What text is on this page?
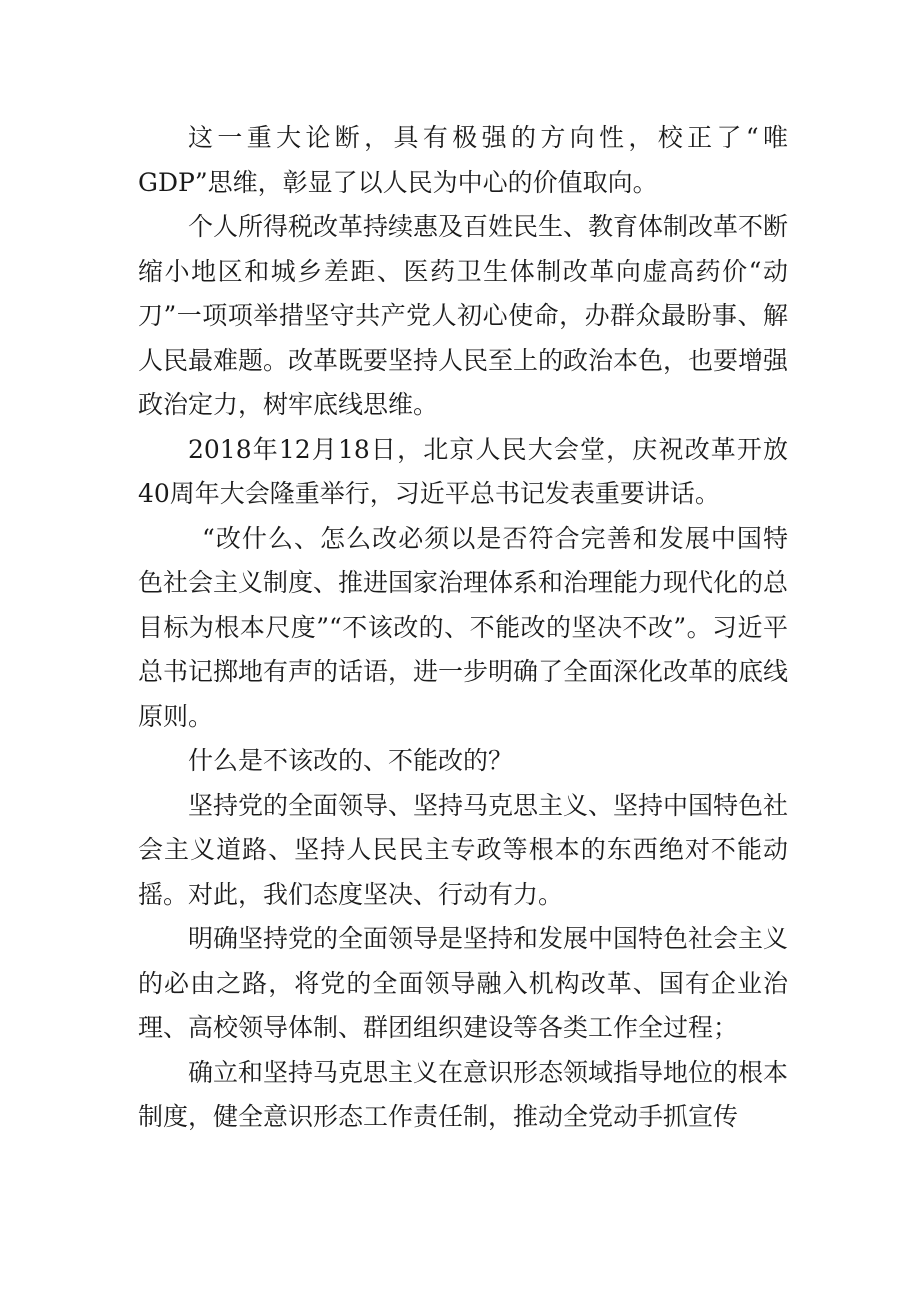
这一重大论断，具有极强的方向性，校正了“唯GDP”思维，彰显了以人民为中心的价值取向。

个人所得税改革持续惠及百姓民生、教育体制改革不断缩小地区和城乡差距、医药卫生体制改革向虚高药价“动刀”一项项举措坚守共产党人初心使命，办群众最盼事、解人民最难题。改革既要坚持人民至上的政治本色，也要增强政治定力，树牢底线思维。

2018年12月18日，北京人民大会堂，庆祝改革开放40周年大会隆重举行，习近平总书记发表重要讲话。

“改什么、怎么改必须以是否符合完善和发展中国特色社会主义制度、推进国家治理体系和治理能力现代化的总目标为根本尺度”“不该改的、不能改的坚决不改”。习近平总书记掷地有声的话语，进一步明确了全面深化改革的底线原则。

什么是不该改的、不能改的？

坚持党的全面领导、坚持马克思主义、坚持中国特色社会主义道路、坚持人民民主专政等根本的东西绝对不能动摇。对此，我们态度坚决、行动有力。

明确坚持党的全面领导是坚持和发展中国特色社会主义的必由之路，将党的全面领导融入机构改革、国有企业治理、高校领导体制、群团组织建设等各类工作全过程；

确立和坚持马克思主义在意识形态领域指导地位的根本制度，健全意识形态工作责任制，推动全党动手抓宣传
